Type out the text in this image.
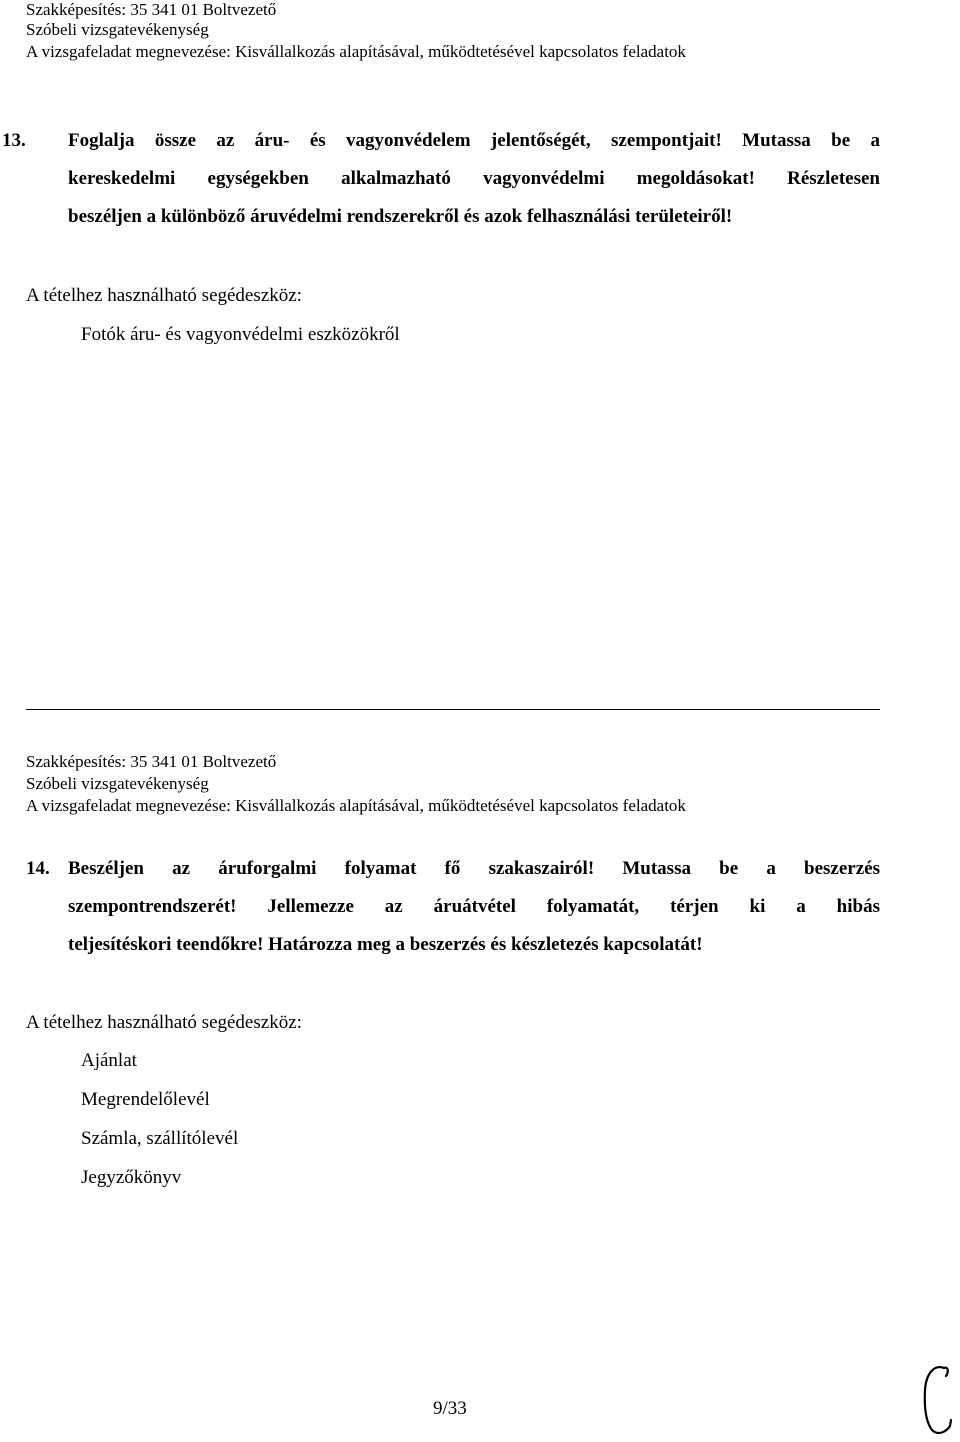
Szakképesítés: 35 341 01 Boltvezető
Szóbeli vizsgatevékenység
A vizsgafeladat megnevezése: Kisvállalkozás alapításával, működtetésével kapcsolatos feladatok
13. Foglalja össze az áru- és vagyonvédelem jelentőségét, szempontjait! Mutassa be a
kereskedelmi egységekben alkalmazható vagyonvédelmi megoldásokat! Részletesen
beszéljen a különböző áruvédelmi rendszerekről és azok felhasználási területeiről!
A tételhez használható segédeszköz:
Fotók áru- és vagyonvédelmi eszközökről
Szakképesítés: 35 341 01 Boltvezető
Szóbeli vizsgatevékenység
A vizsgafeladat megnevezése: Kisvállalkozás alapításával, működtetésével kapcsolatos feladatok
14. Beszéljen az áruforgalmi folyamat fő szakaszairól! Mutassa be a beszerzés
szempontrendszerét! Jellemezze az áruátvétel folyamatát, térjen ki a hibás
teljesítéskori teendőkre! Határozza meg a beszerzés és készletezés kapcsolatát!
A tételhez használható segédeszköz:
Ajánlat
Megrendelőlevél
Számla, szállítólevél
Jegyzőkönyv
9/33
